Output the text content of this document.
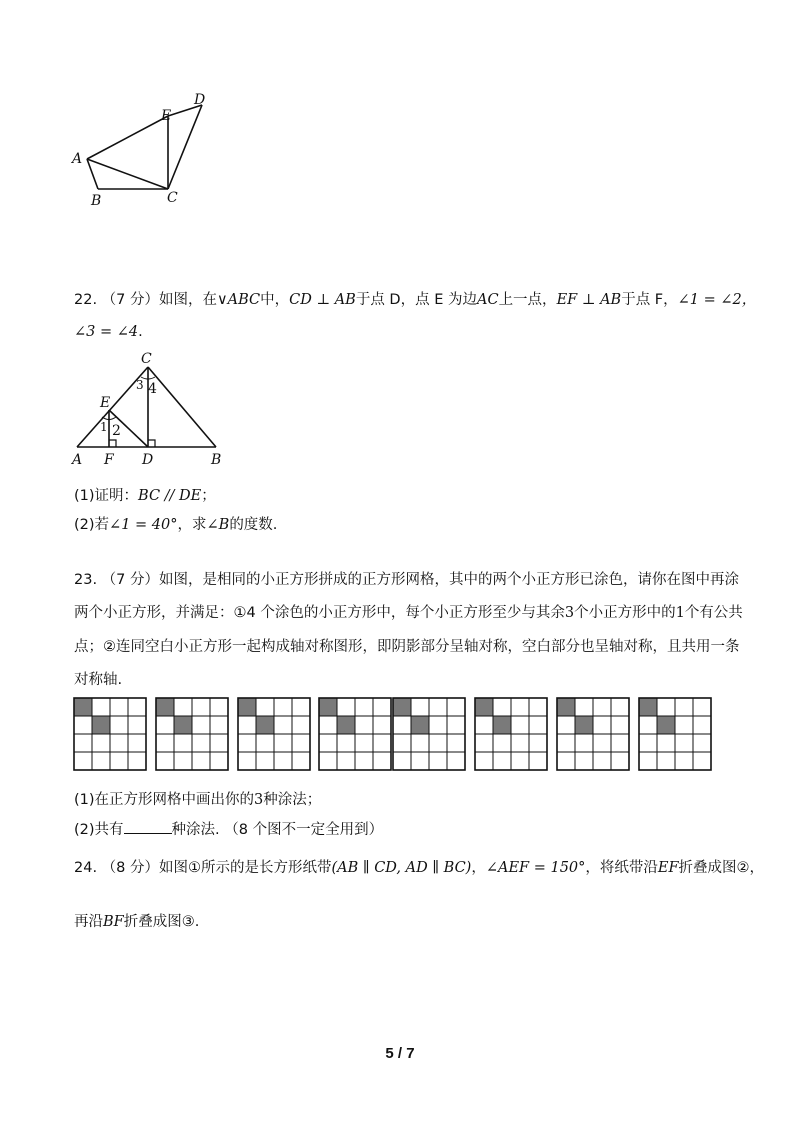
A
B	C
D
E
22. （7 分）如图，在∨ABC中，CD ⊥ AB于点 D，点 E 为边AC上一点，EF ⊥ AB于点 F，∠1 = ∠2，
∠3 = ∠4.
C
E
A F D	B
3 4
1 2
(1)证明：BC // DE；
(2)若∠1 = 40°，求∠B的度数.
23. （7 分）如图，是相同的小正方形拼成的正方形网格，其中的两个小正方形已涂色，请你在图中再涂
两个小正方形，并满足：①4 个涂色的小正方形中，每个小正方形至少与其余3个小正方形中的1个有公共
点；②连同空白小正方形一起构成轴对称图形，即阴影部分呈轴对称，空白部分也呈轴对称，且共用一条
对称轴.
(1)在正方形网格中画出你的3种涂法；
(2)共有	种涂法. （8 个图不一定全用到）
24. （8 分）如图①所示的是长方形纸带(AB ∥ CD, AD ∥ BC)，∠AEF = 150°，将纸带沿EF折叠成图②，
再沿BF折叠成图③.
5 / 7
